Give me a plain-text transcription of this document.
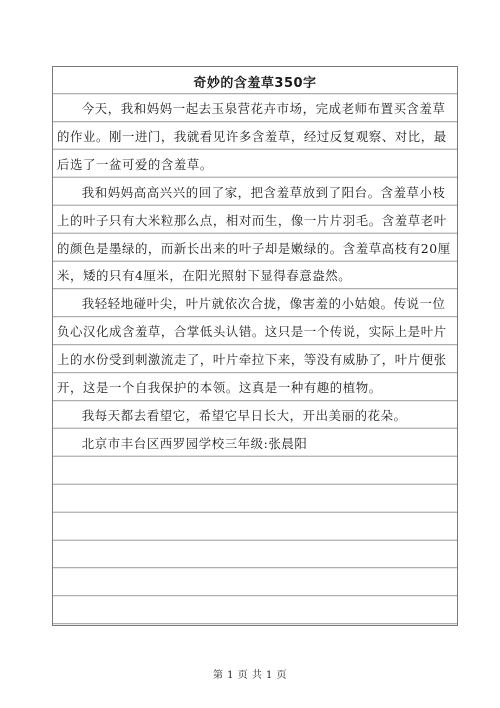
奇妙的含羞草350字

今天，我和妈妈一起去玉泉营花卉市场，完成老师布置买含羞草的作业。刚一进门，我就看见许多含羞草，经过反复观察、对比，最后选了一盆可爱的含羞草。

我和妈妈高高兴兴的回了家，把含羞草放到了阳台。含羞草小枝上的叶子只有大米粒那么点，相对而生，像一片片羽毛。含羞草老叶的颜色是墨绿的，而新长出来的叶子却是嫩绿的。含羞草高枝有20厘米，矮的只有4厘米，在阳光照射下显得春意盎然。

我轻轻地碰叶尖，叶片就依次合拢，像害羞的小姑娘。传说一位负心汉化成含羞草，合掌低头认错。这只是一个传说，实际上是叶片上的水份受到刺激流走了，叶片牵拉下来，等没有威胁了，叶片便张开，这是一个自我保护的本领。这真是一种有趣的植物。

我每天都去看望它，希望它早日长大，开出美丽的花朵。

北京市丰台区西罗园学校三年级:张晨阳

第 1 页 共 1 页
